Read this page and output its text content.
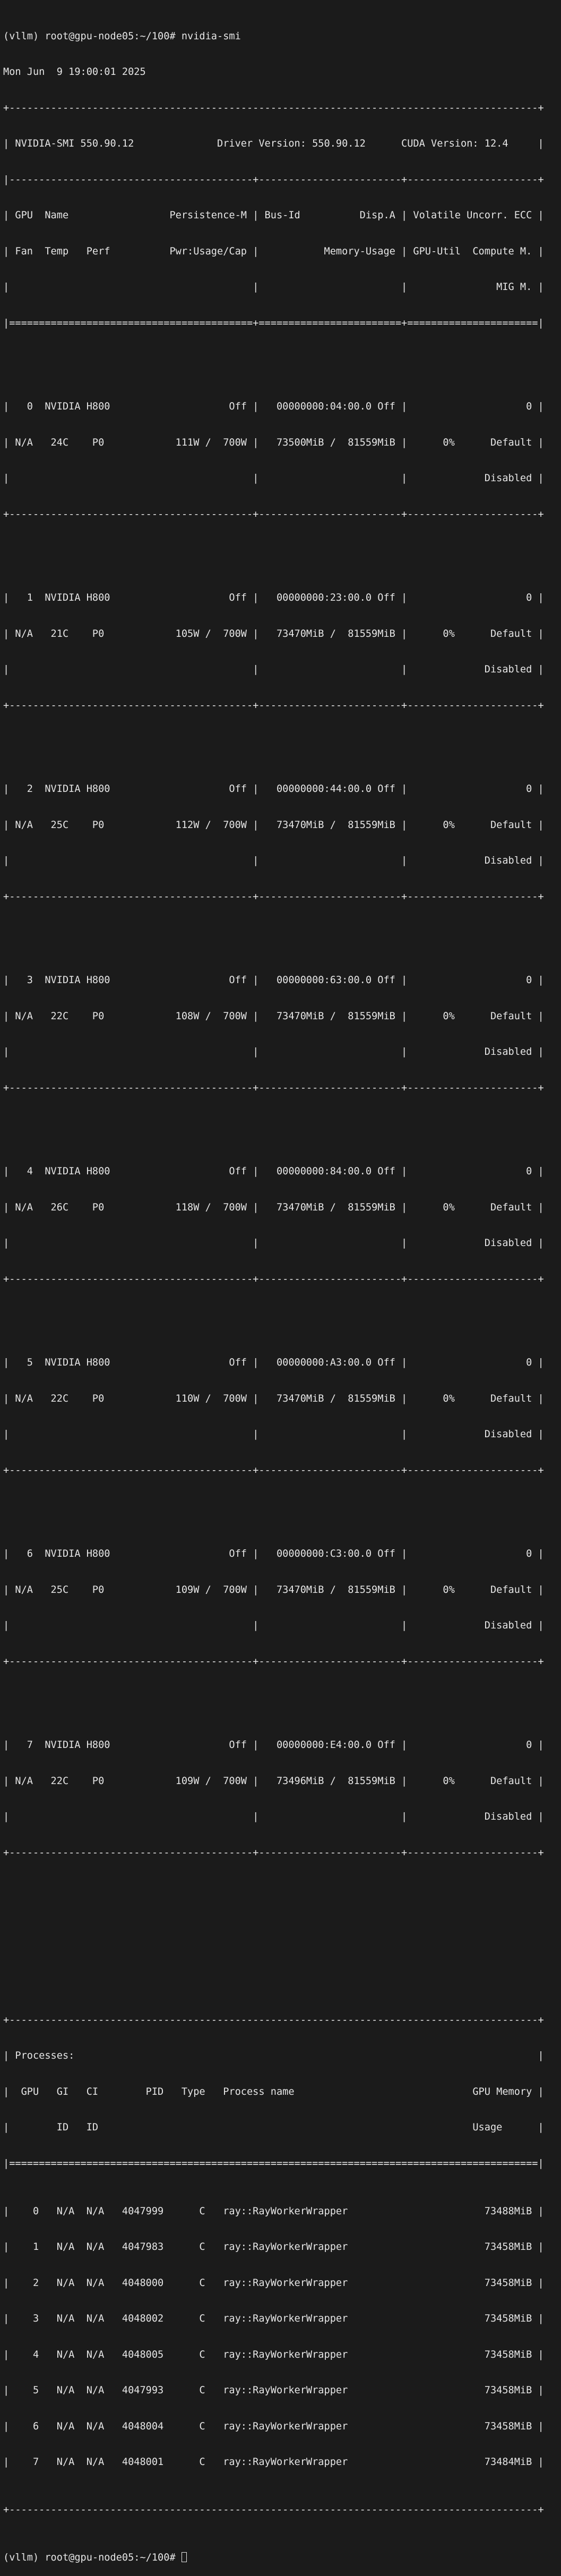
(vllm) root@gpu-node05:~/100# nvidia-smi

Mon Jun  9 19:00:01 2025

+-----------------------------------------------------------------------------------------+

| NVIDIA-SMI 550.90.12              Driver Version: 550.90.12      CUDA Version: 12.4     |

|-----------------------------------------+------------------------+----------------------+

| GPU  Name                 Persistence-M | Bus-Id          Disp.A | Volatile Uncorr. ECC |

| Fan  Temp   Perf          Pwr:Usage/Cap |           Memory-Usage | GPU-Util  Compute M. |

|                                         |                        |               MIG M. |

|=========================================+========================+======================|

|   0  NVIDIA H800                    Off |   00000000:04:00.0 Off |                    0 |

| N/A   24C    P0            111W /  700W |   73500MiB /  81559MiB |      0%      Default |

|                                         |                        |             Disabled |

+-----------------------------------------+------------------------+----------------------+

|   1  NVIDIA H800                    Off |   00000000:23:00.0 Off |                    0 |

| N/A   21C    P0            105W /  700W |   73470MiB /  81559MiB |      0%      Default |

|                                         |                        |             Disabled |

+-----------------------------------------+------------------------+----------------------+

|   2  NVIDIA H800                    Off |   00000000:44:00.0 Off |                    0 |

| N/A   25C    P0            112W /  700W |   73470MiB /  81559MiB |      0%      Default |

|                                         |                        |             Disabled |

+-----------------------------------------+------------------------+----------------------+

|   3  NVIDIA H800                    Off |   00000000:63:00.0 Off |                    0 |

| N/A   22C    P0            108W /  700W |   73470MiB /  81559MiB |      0%      Default |

|                                         |                        |             Disabled |

+-----------------------------------------+------------------------+----------------------+

|   4  NVIDIA H800                    Off |   00000000:84:00.0 Off |                    0 |

| N/A   26C    P0            118W /  700W |   73470MiB /  81559MiB |      0%      Default |

|                                         |                        |             Disabled |

+-----------------------------------------+------------------------+----------------------+

|   5  NVIDIA H800                    Off |   00000000:A3:00.0 Off |                    0 |

| N/A   22C    P0            110W /  700W |   73470MiB /  81559MiB |      0%      Default |

|                                         |                        |             Disabled |

+-----------------------------------------+------------------------+----------------------+

|   6  NVIDIA H800                    Off |   00000000:C3:00.0 Off |                    0 |

| N/A   25C    P0            109W /  700W |   73470MiB /  81559MiB |      0%      Default |

|                                         |                        |             Disabled |

+-----------------------------------------+------------------------+----------------------+

|   7  NVIDIA H800                    Off |   00000000:E4:00.0 Off |                    0 |

| N/A   22C    P0            109W /  700W |   73496MiB /  81559MiB |      0%      Default |

|                                         |                        |             Disabled |

+-----------------------------------------+------------------------+----------------------+

+-----------------------------------------------------------------------------------------+

| Processes:                                                                              |

|  GPU   GI   CI        PID   Type   Process name                              GPU Memory |

|        ID   ID                                                               Usage      |

|=========================================================================================|

|    0   N/A  N/A   4047999      C   ray::RayWorkerWrapper                       73488MiB |

|    1   N/A  N/A   4047983      C   ray::RayWorkerWrapper                       73458MiB |

|    2   N/A  N/A   4048000      C   ray::RayWorkerWrapper                       73458MiB |

|    3   N/A  N/A   4048002      C   ray::RayWorkerWrapper                       73458MiB |

|    4   N/A  N/A   4048005      C   ray::RayWorkerWrapper                       73458MiB |

|    5   N/A  N/A   4047993      C   ray::RayWorkerWrapper                       73458MiB |

|    6   N/A  N/A   4048004      C   ray::RayWorkerWrapper                       73458MiB |

|    7   N/A  N/A   4048001      C   ray::RayWorkerWrapper                       73484MiB |

+-----------------------------------------------------------------------------------------+

(vllm) root@gpu-node05:~/100#
